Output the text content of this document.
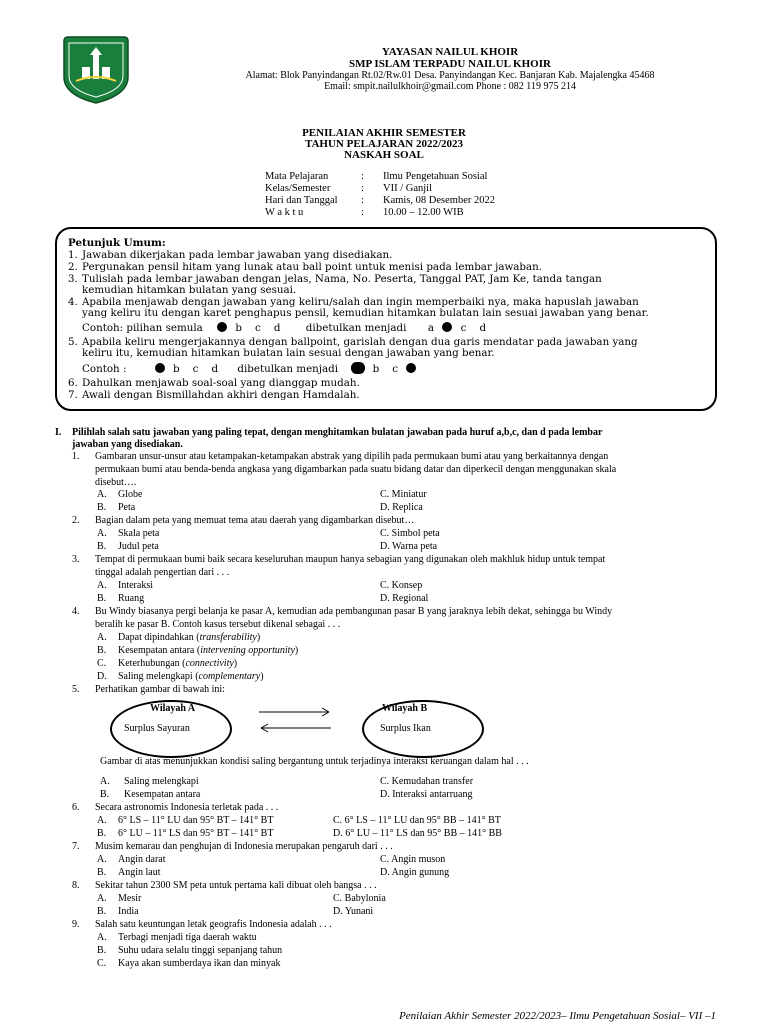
YAYASAN NAILUL KHOIR
SMP ISLAM TERPADU NAILUL KHOIR
Alamat: Blok Panyindangan Rt.02/Rw.01 Desa. Panyindangan Kec. Banjaran Kab. Majalengka 45468
Email: smpit.nailulkhoir@gmail.com Phone : 082 119 975 214
PENILAIAN AKHIR SEMESTER
TAHUN PELAJARAN 2022/2023
NASKAH SOAL
Mata Pelajaran	:	Ilmu Pengetahuan Sosial
Kelas/Semester	:	VII / Ganjil
Hari dan Tanggal	:	Kamis, 08 Desember 2022
W a k t u	:	10.00 – 12.00 WIB
Petunjuk Umum:
1. Jawaban dikerjakan pada lembar jawaban yang disediakan.
2. Pergunakan pensil hitam yang lunak atau ball point untuk menisi pada lembar jawaban.
3. Tulislah pada lembar jawaban dengan jelas, Nama, No. Peserta, Tanggal PAT, Jam Ke, tanda tangan
kemudian hitamkan bulatan yang sesuai.
4. Apabila menjawab dengan jawaban yang keliru/salah dan ingin memperbaiki nya, maka hapuslah jawaban
yang keliru itu dengan karet penghapus pensil, kemudian hitamkan bulatan lain sesuai jawaban yang benar.
Contoh: pilihan semula	b c d dibetulkan menjadi a	c d
5. Apabila keliru mengerjakannya dengan ballpoint, garislah dengan dua garis mendatar pada jawaban yang
keliru itu, kemudian hitamkan bulatan lain sesuai dengan jawaban yang benar.
Contoh :	b c d dibetulkan menjadi	b c
6. Dahulkan menjawab soal-soal yang dianggap mudah.
7. Awali dengan Bismillahdan akhiri dengan Hamdalah.
I. Pilihlah salah satu jawaban yang paling tepat, dengan menghitamkan bulatan jawaban pada huruf a,b,c, dan d pada lembar
jawaban yang disediakan.
1.	Gambaran unsur-unsur atau ketampakan-ketampakan abstrak yang dipilih pada permukaan bumi atau yang berkaitannya dengan
permukaan bumi atau benda-benda angkasa yang digambarkan pada suatu bidang datar dan diperkecil dengan menggunakan skala
disebut….
A. Globe	C. Miniatur
B. Peta	D. Replica
2.	Bagian dalam peta yang memuat tema atau daerah yang digambarkan disebut…
A. Skala peta	C. Simbol peta
B. Judul peta	D. Warna peta
3.	Tempat di permukaan bumi baik secara keseluruhan maupun hanya sebagian yang digunakan oleh makhluk hidup untuk tempat
tinggal adalah pengertian dari . . .
A. Interaksi	C. Konsep
B. Ruang	D. Regional
4.	Bu Windy biasanya pergi belanja ke pasar A, kemudian ada pembangunan pasar B yang jaraknya lebih dekat, sehingga bu Windy
beralih ke pasar B. Contoh kasus tersebut dikenal sebagai . . .
A. Dapat dipindahkan (transferability)
B. Kesempatan antara (intervening opportunity)
C. Keterhubungan (connectivity)
D. Saling melengkapi (complementary)
5.	Perhatikan gambar di bawah ini:
Wilayah A
Surplus Sayuran
Wilayah B
Surplus Ikan
Gambar di atas menunjukkan kondisi saling bergantung untuk terjadinya interaksi keruangan dalam hal . . .
A. Saling melengkapi	C. Kemudahan transfer
B. Kesempatan antara	D. Interaksi antarruang
6.	Secara astronomis Indonesia terletak pada . . .
A. 6° LS – 11° LU dan 95° BT – 141° BT	C. 6° LS – 11° LU dan 95° BB – 141° BT
B. 6° LU – 11° LS dan 95° BT – 141° BT	D. 6° LU – 11° LS dan 95° BB – 141° BB
7.	Musim kemarau dan penghujan di Indonesia merupakan pengaruh dari . . .
A. Angin darat	C. Angin muson
B. Angin laut	D. Angin gunung
8.	Sekitar tahun 2300 SM peta untuk pertama kali dibuat oleh bangsa . . .
A. Mesir	C. Babylonia
B. India	D. Yunani
9.	Salah satu keuntungan letak geografis Indonesia adalah . . .
A. Terbagi menjadi tiga daerah waktu
B. Suhu udara selalu tinggi sepanjang tahun
C. Kaya akan sumberdaya ikan dan minyak
Penilaian Akhir Semester 2022/2023– Ilmu Pengetahuan Sosial– VII –1
